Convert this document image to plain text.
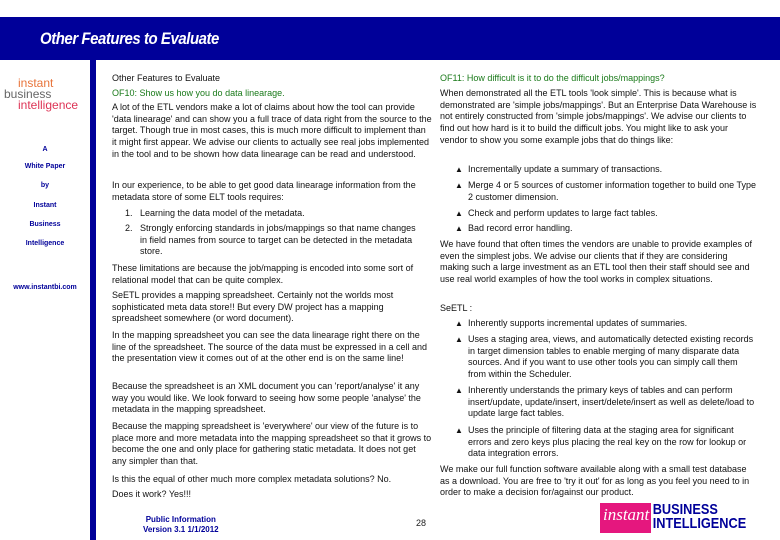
Other Features to Evaluate
instant
business
intelligence
A
White Paper
by
Instant
Business
Intelligence
www.instantbi.com

Other Features to Evaluate

OF10: Show us how you do data linearage.

A lot of the ETL vendors make a lot of claims about how the tool can provide 'data linearage' and can show you a full trace of data right from the source to the target. Though true in most cases, this is much more difficult to implement than it might first appear. We advise our clients to actually see real jobs implemented in the tool and to be shown how data linearage can be read and understood.

In our experience, to be able to get good data linearage information from the metadata store of some ELT tools requires:

1. Learning the data model of the metadata.
2. Strongly enforcing standards in jobs/mappings so that name changes in field names from source to target can be detected in the metadata store.

These limitations are because the job/mapping is encoded into some sort of relational model that can be quite complex.

SeETL provides a mapping spreadsheet. Certainly not the worlds most sophisticated meta data store!! But every DW project has a mapping spreadsheet somewhere (or word document).

In the mapping spreadsheet you can see the data linearage right there on the line of the spreadsheet. The source of the data must be expressed in a cell and the presentation view it comes out of at the other end is on the same line!

Because the spreadsheet is an XML document you can 'report/analyse' it any way you would like. We look forward to seeing how some people 'analyse' the metadata in the mapping spreadsheet.

Because the mapping spreadsheet is 'everywhere' our view of the future is to place more and more metadata into the mapping spreadsheet so that it grows to become the one and only place for gathering static metadata. It does not get any simpler than that.

Is this the equal of other much more complex metadata solutions? No.

Does it work? Yes!!!

OF11: How difficult is it to do the difficult jobs/mappings?

When demonstrated all the ETL tools 'look simple'. This is because what is demonstrated are 'simple jobs/mappings'. But an Enterprise Data Warehouse is not entirely constructed from 'simple jobs/mappings'. We advise our clients to find out how hard is it to build the difficult jobs. You might like to ask your vendor to show you some example jobs that do things like:

▲ Incrementally update a summary of transactions.
▲ Merge 4 or 5 sources of customer information together to build one Type 2 customer dimension.
▲ Check and perform updates to large fact tables.
▲ Bad record error handling.

We have found that often times the vendors are unable to provide examples of even the simplest jobs. We advise our clients that if they are considering making such a large investment as an ETL tool then their staff should see and use real world examples of how the tool works in complex situations.

SeETL :

▲ Inherently supports incremental updates of summaries.
▲ Uses a staging area, views, and automatically detected existing records in target dimension tables to enable merging of many disparate data sources. And if you want to use other tools you can simply call them from within the Scheduler.
▲ Inherently understands the primary keys of tables and can perform insert/update, update/insert, insert/delete/insert as well as delete/load to update large fact tables.
▲ Uses the principle of filtering data at the staging area for significant errors and zero keys plus placing the real key on the row for lookup or data integration errors.

We make our full function software available along with a small test database as a download. You are free to 'try it out' for as long as you feel you need to in order to make a decision for/against our product.

Public Information
Version 3.1 1/1/2012
28	instant BUSINESS
INTELLIGENCE
